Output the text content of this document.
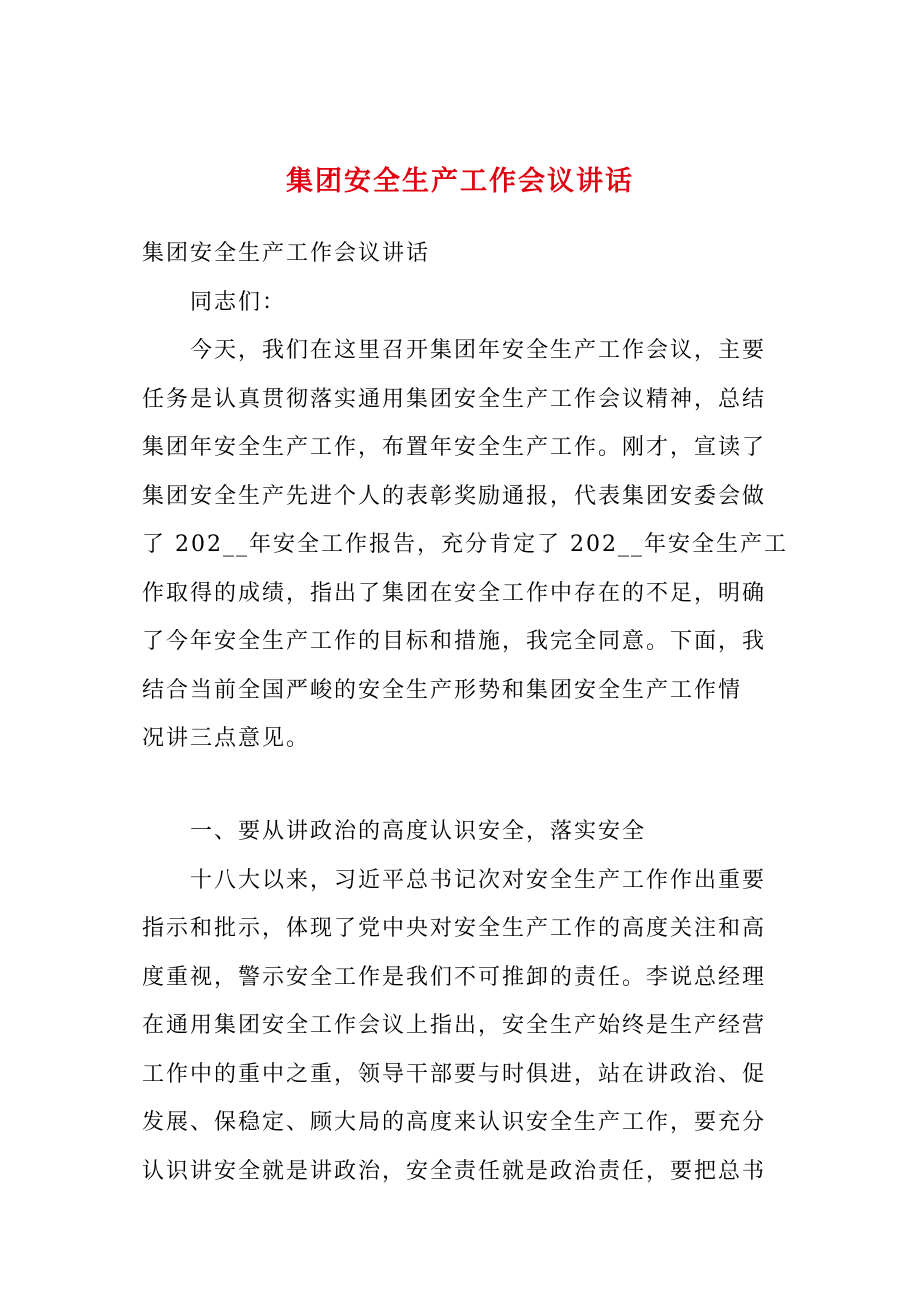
集团安全生产工作会议讲话
集团安全生产工作会议讲话
同志们：
今天，我们在这里召开集团年安全生产工作会议，主要
任务是认真贯彻落实通用集团安全生产工作会议精神，总结
集团年安全生产工作，布置年安全生产工作。刚才，宣读了
集团安全生产先进个人的表彰奖励通报，代表集团安委会做
了 202__年安全工作报告，充分肯定了 202__年安全生产工
作取得的成绩，指出了集团在安全工作中存在的不足，明确
了今年安全生产工作的目标和措施，我完全同意。下面，我
结合当前全国严峻的安全生产形势和集团安全生产工作情
况讲三点意见。
一、要从讲政治的高度认识安全，落实安全
十八大以来，习近平总书记次对安全生产工作作出重要
指示和批示，体现了党中央对安全生产工作的高度关注和高
度重视，警示安全工作是我们不可推卸的责任。李说总经理
在通用集团安全工作会议上指出，安全生产始终是生产经营
工作中的重中之重，领导干部要与时俱进，站在讲政治、促
发展、保稳定、顾大局的高度来认识安全生产工作，要充分
认识讲安全就是讲政治，安全责任就是政治责任，要把总书
